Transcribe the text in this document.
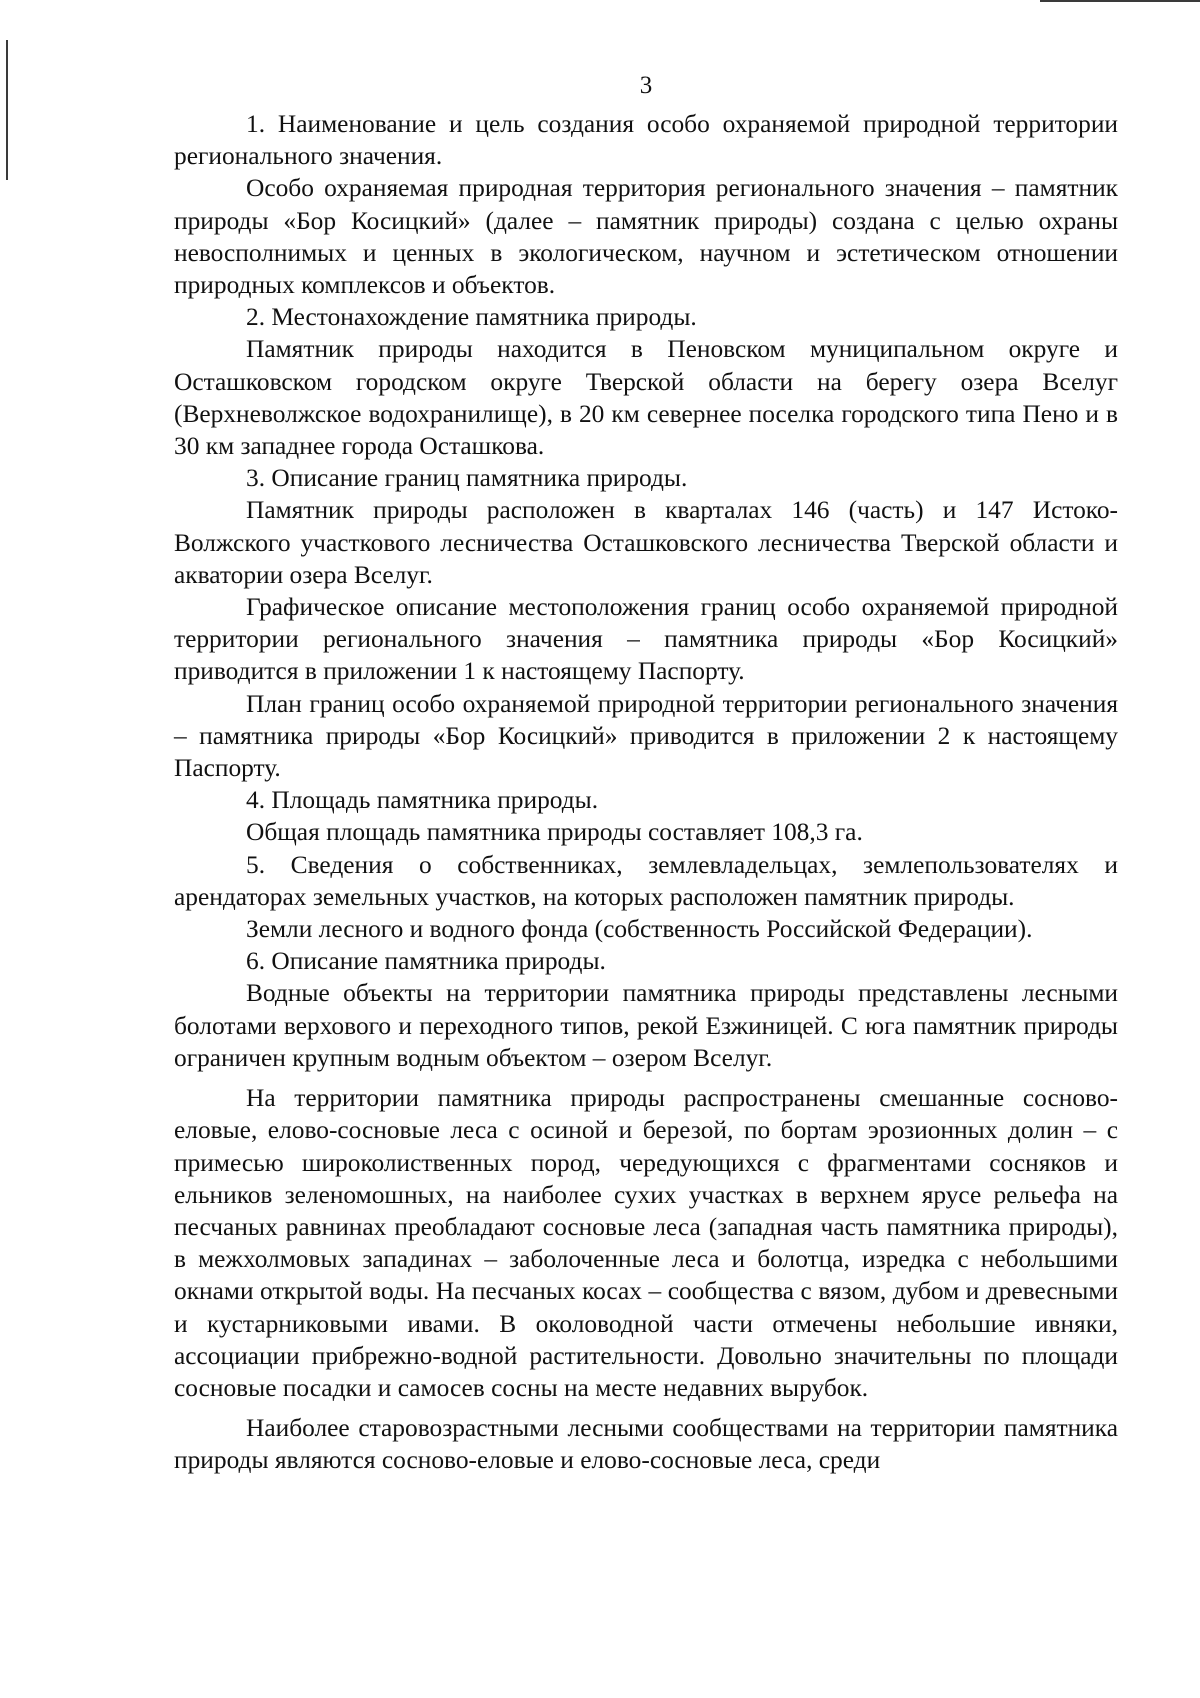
3

1. Наименование и цель создания особо охраняемой природной территории регионального значения.

Особо охраняемая природная территория регионального значения – памятник природы «Бор Косицкий» (далее – памятник природы) создана с целью охраны невосполнимых и ценных в экологическом, научном и эстетическом отношении природных комплексов и объектов.

2. Местонахождение памятника природы.

Памятник природы находится в Пеновском муниципальном округе и Осташковском городском округе Тверской области на берегу озера Вселуг (Верхневолжское водохранилище), в 20 км севернее поселка городского типа Пено и в 30 км западнее города Осташкова.

3. Описание границ памятника природы.

Памятник природы расположен в кварталах 146 (часть) и 147 Истоко-Волжского участкового лесничества Осташковского лесничества Тверской области и акватории озера Вселуг.

Графическое описание местоположения границ особо охраняемой природной территории регионального значения – памятника природы «Бор Косицкий» приводится в приложении 1 к настоящему Паспорту.

План границ особо охраняемой природной территории регионального значения – памятника природы «Бор Косицкий» приводится в приложении 2 к настоящему Паспорту.

4. Площадь памятника природы.

Общая площадь памятника природы составляет 108,3 га.

5. Сведения о собственниках, землевладельцах, землепользователях и арендаторах земельных участков, на которых расположен памятник природы.

Земли лесного и водного фонда (собственность Российской Федерации).

6. Описание памятника природы.

Водные объекты на территории памятника природы представлены лесными болотами верхового и переходного типов, рекой Езжиницей. С юга памятник природы ограничен крупным водным объектом – озером Вселуг.

На территории памятника природы распространены смешанные сосново-еловые, елово-сосновые леса с осиной и березой, по бортам эрозионных долин – с примесью широколиственных пород, чередующихся с фрагментами сосняков и ельников зеленомошных, на наиболее сухих участках в верхнем ярусе рельефа на песчаных равнинах преобладают сосновые леса (западная часть памятника природы), в межхолмовых западинах – заболоченные леса и болотца, изредка с небольшими окнами открытой воды. На песчаных косах – сообщества с вязом, дубом и древесными и кустарниковыми ивами. В околоводной части отмечены небольшие ивняки, ассоциации прибрежно-водной растительности. Довольно значительны по площади сосновые посадки и самосев сосны на месте недавних вырубок.

Наиболее старовозрастными лесными сообществами на территории памятника природы являются сосново-еловые и елово-сосновые леса, среди
